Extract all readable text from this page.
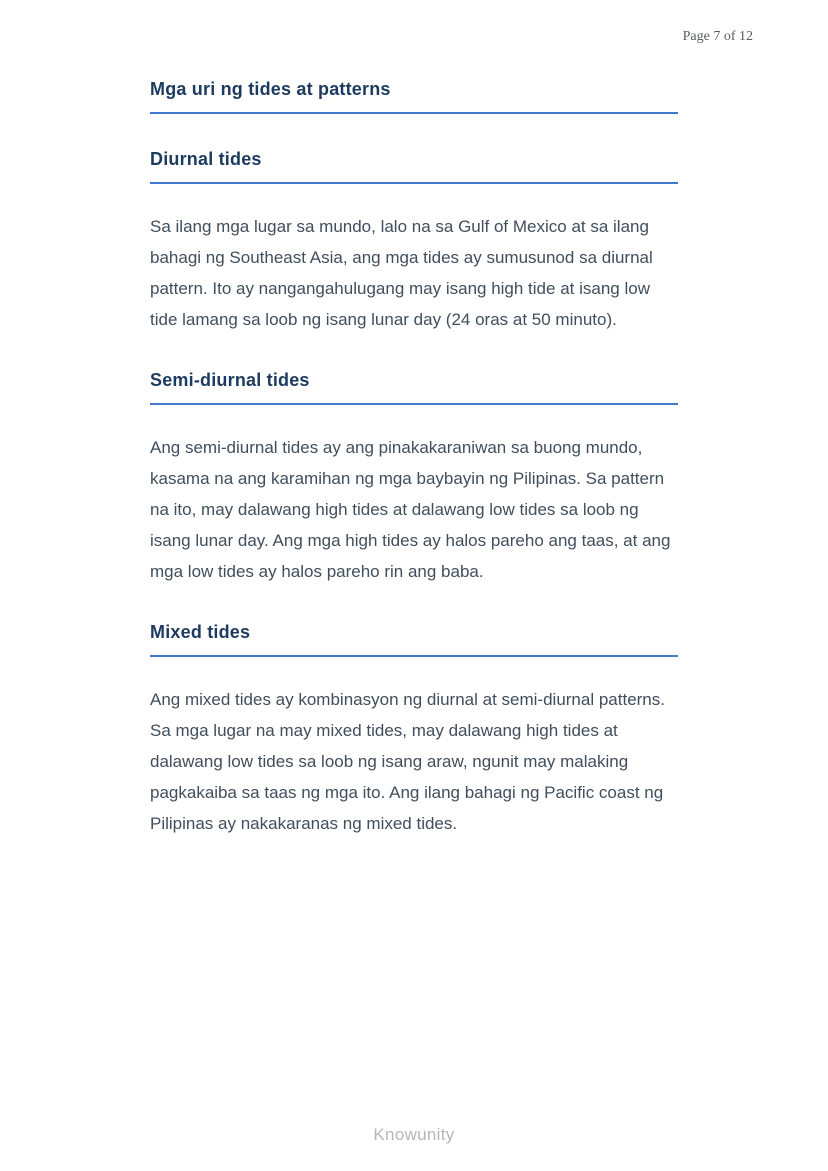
Page 7 of 12
Mga uri ng tides at patterns
Diurnal tides

Sa ilang mga lugar sa mundo, lalo na sa Gulf of Mexico at sa ilang bahagi ng Southeast Asia, ang mga tides ay sumusunod sa diurnal pattern. Ito ay nangangahulugang may isang high tide at isang low tide lamang sa loob ng isang lunar day (24 oras at 50 minuto).

Semi-diurnal tides

Ang semi-diurnal tides ay ang pinakakaraniwan sa buong mundo, kasama na ang karamihan ng mga baybayin ng Pilipinas. Sa pattern na ito, may dalawang high tides at dalawang low tides sa loob ng isang lunar day. Ang mga high tides ay halos pareho ang taas, at ang mga low tides ay halos pareho rin ang baba.

Mixed tides

Ang mixed tides ay kombinasyon ng diurnal at semi-diurnal patterns. Sa mga lugar na may mixed tides, may dalawang high tides at dalawang low tides sa loob ng isang araw, ngunit may malaking pagkakaiba sa taas ng mga ito. Ang ilang bahagi ng Pacific coast ng Pilipinas ay nakakaranas ng mixed tides.

Knowunity
